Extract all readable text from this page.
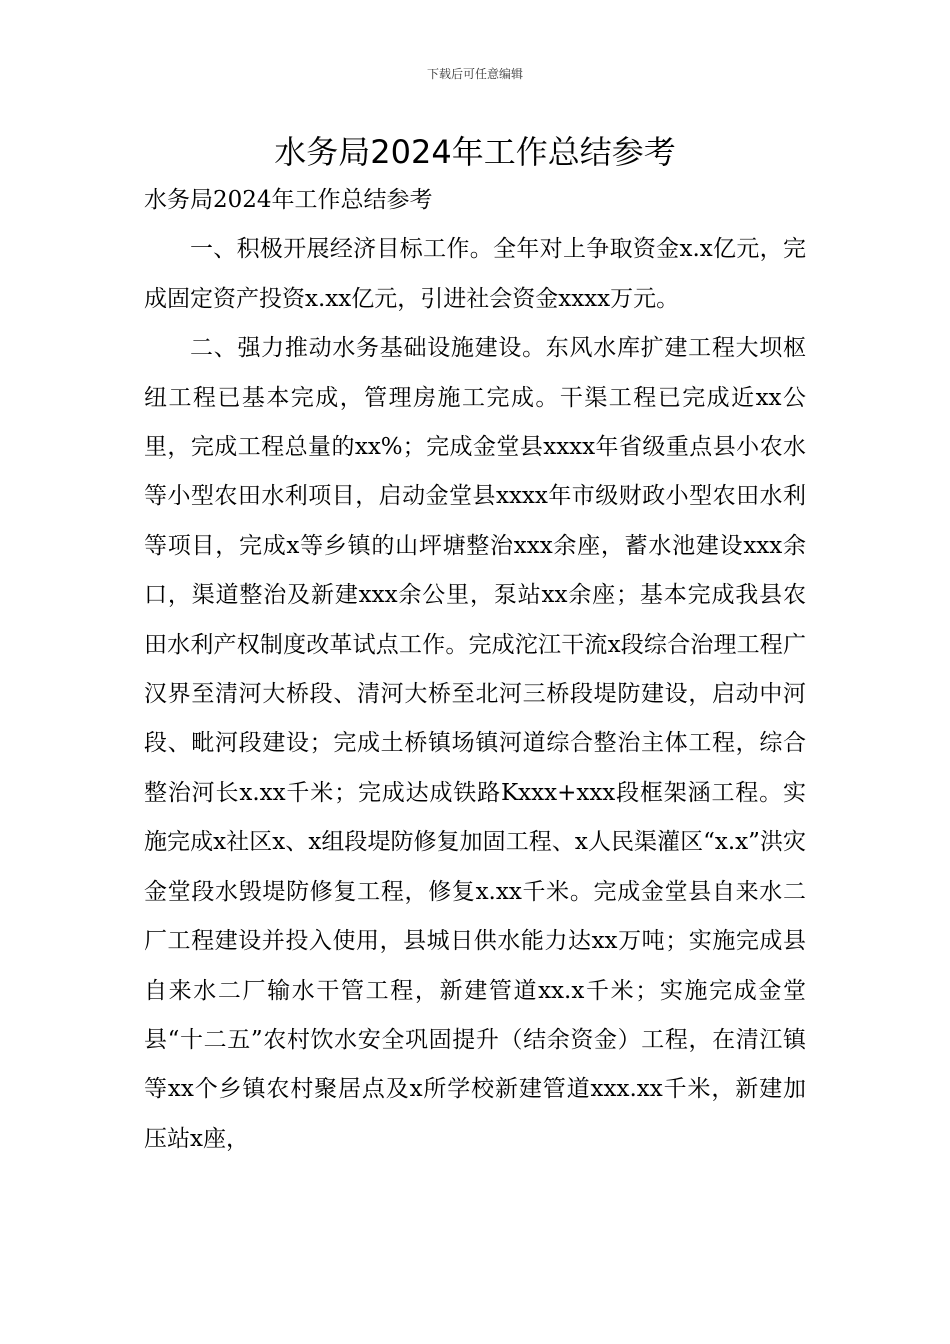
下载后可任意编辑
水务局2024年工作总结参考

水务局2024年工作总结参考

一、积极开展经济目标工作。全年对上争取资金x.x亿元，完成固定资产投资x.xx亿元，引进社会资金xxxx万元。

二、强力推动水务基础设施建设。东风水库扩建工程大坝枢纽工程已基本完成，管理房施工完成。干渠工程已完成近xx公里，完成工程总量的xx%；完成金堂县xxxx年省级重点县小农水等小型农田水利项目，启动金堂县xxxx年市级财政小型农田水利等项目，完成x等乡镇的山坪塘整治xxx余座，蓄水池建设xxx余口，渠道整治及新建xxx余公里，泵站xx余座；基本完成我县农田水利产权制度改革试点工作。完成沱江干流x段综合治理工程广汉界至清河大桥段、清河大桥至北河三桥段堤防建设，启动中河段、毗河段建设；完成土桥镇场镇河道综合整治主体工程，综合整治河长x.xx千米；完成达成铁路Kxxx+xxx段框架涵工程。实施完成x社区x、x组段堤防修复加固工程、x人民渠灌区“x.x”洪灾金堂段水毁堤防修复工程，修复x.xx千米。完成金堂县自来水二厂工程建设并投入使用，县城日供水能力达xx万吨；实施完成县自来水二厂输水干管工程，新建管道xx.x千米；实施完成金堂县“十二五”农村饮水安全巩固提升（结余资金）工程，在清江镇等xx个乡镇农村聚居点及x所学校新建管道xxx.xx千米，新建加压站x座，
